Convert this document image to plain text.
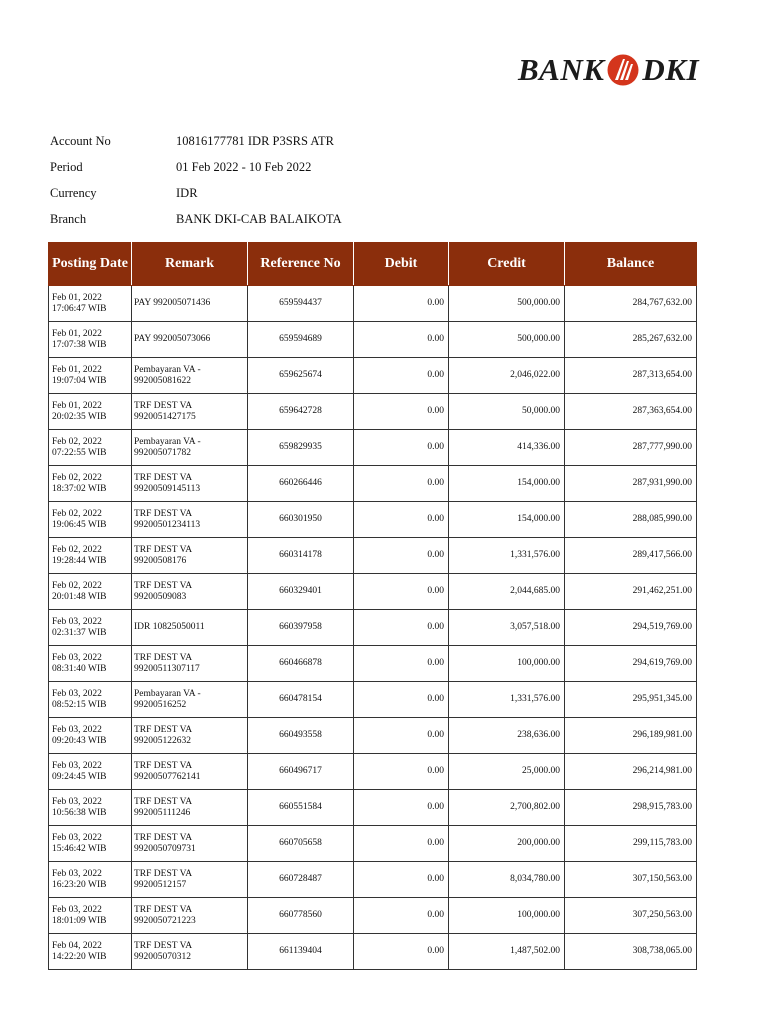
BANK DKI
Account No	10816177781 IDR P3SRS ATR
Period	01 Feb 2022 - 10 Feb 2022
Currency	IDR
Branch	BANK DKI-CAB BALAIKOTA
Posting Date	Remark	Reference No	Debit	Credit	Balance

Feb 01, 2022
17:06:47 WIB	PAY 992005071436	659594437	0.00	500,000.00	284,767,632.00

Feb 01, 2022
17:07:38 WIB	PAY 992005073066	659594689	0.00	500,000.00	285,267,632.00

Feb 01, 2022
19:07:04 WIB	Pembayaran VA -
992005081622	659625674	0.00	2,046,022.00	287,313,654.00

Feb 01, 2022
20:02:35 WIB	TRF DEST VA
9920051427175	659642728	0.00	50,000.00	287,363,654.00

Feb 02, 2022
07:22:55 WIB	Pembayaran VA -
992005071782	659829935	0.00	414,336.00	287,777,990.00

Feb 02, 2022
18:37:02 WIB	TRF DEST VA
99200509145113	660266446	0.00	154,000.00	287,931,990.00

Feb 02, 2022
19:06:45 WIB	TRF DEST VA
99200501234113	660301950	0.00	154,000.00	288,085,990.00

Feb 02, 2022
19:28:44 WIB	TRF DEST VA
99200508176	660314178	0.00	1,331,576.00	289,417,566.00

Feb 02, 2022
20:01:48 WIB	TRF DEST VA
99200509083	660329401	0.00	2,044,685.00	291,462,251.00

Feb 03, 2022
02:31:37 WIB	IDR 10825050011	660397958	0.00	3,057,518.00	294,519,769.00

Feb 03, 2022
08:31:40 WIB	TRF DEST VA
99200511307117	660466878	0.00	100,000.00	294,619,769.00

Feb 03, 2022
08:52:15 WIB	Pembayaran VA -
99200516252	660478154	0.00	1,331,576.00	295,951,345.00

Feb 03, 2022
09:20:43 WIB	TRF DEST VA
992005122632	660493558	0.00	238,636.00	296,189,981.00

Feb 03, 2022
09:24:45 WIB	TRF DEST VA
99200507762141	660496717	0.00	25,000.00	296,214,981.00

Feb 03, 2022
10:56:38 WIB	TRF DEST VA
992005111246	660551584	0.00	2,700,802.00	298,915,783.00

Feb 03, 2022
15:46:42 WIB	TRF DEST VA
9920050709731	660705658	0.00	200,000.00	299,115,783.00

Feb 03, 2022
16:23:20 WIB	TRF DEST VA
99200512157	660728487	0.00	8,034,780.00	307,150,563.00

Feb 03, 2022
18:01:09 WIB	TRF DEST VA
9920050721223	660778560	0.00	100,000.00	307,250,563.00

Feb 04, 2022
14:22:20 WIB	TRF DEST VA
992005070312	661139404	0.00	1,487,502.00	308,738,065.00
